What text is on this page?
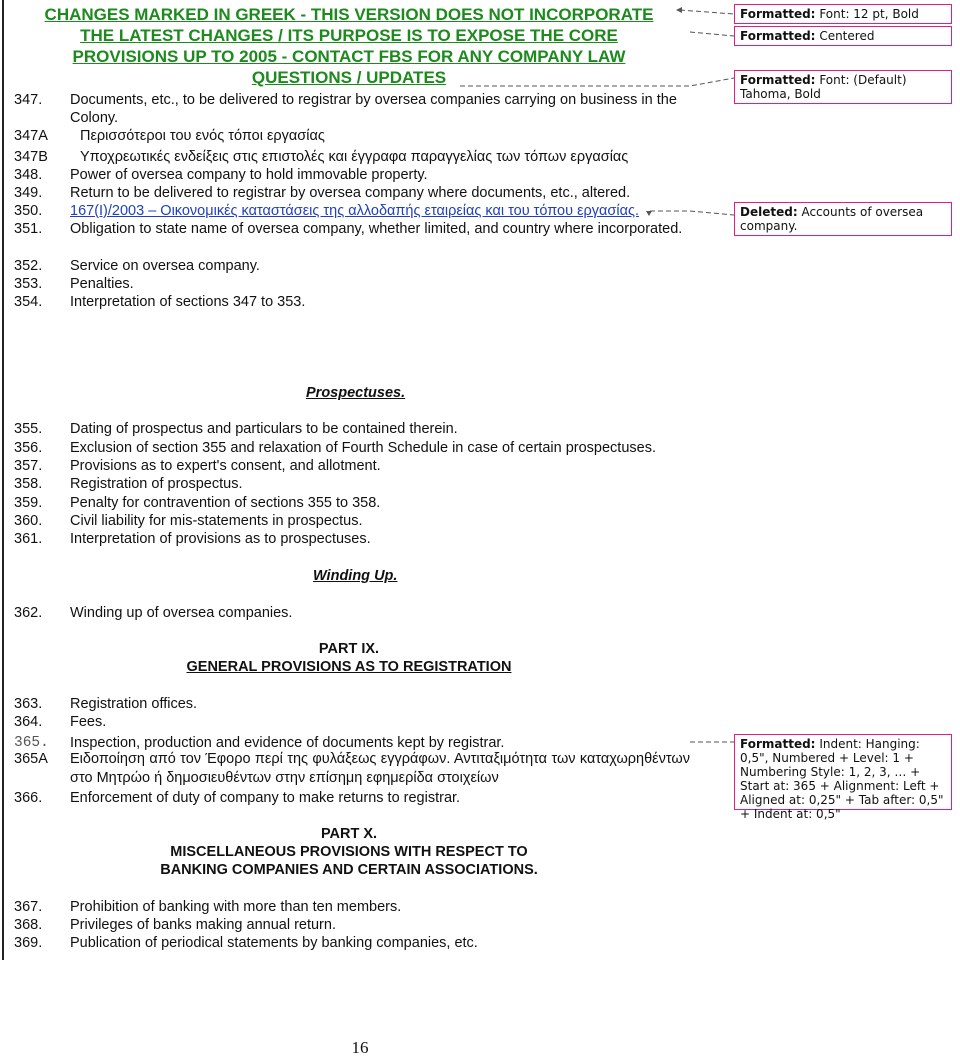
CHANGES MARKED IN GREEK - THIS VERSION DOES NOT INCORPORATE
THE LATEST CHANGES / ITS PURPOSE IS TO EXPOSE THE CORE
PROVISIONS UP TO 2005 - CONTACT FBS FOR ANY COMPANY LAW
QUESTIONS / UPDATES
347. Documents, etc., to be delivered to registrar by oversea companies carrying on business in the Colony.
347A Περισσότεροι του ενός τόποι εργασίας
347B Υποχρεωτικές ενδείξεις στις επιστολές και έγγραφα παραγγελίας των τόπων εργασίας
348. Power of oversea company to hold immovable property.
349. Return to be delivered to registrar by oversea company where documents, etc., altered.
350. 167(I)/2003 – Οικονομικές καταστάσεις της αλλοδαπής εταιρείας και του τόπου εργασίας.
351. Obligation to state name of oversea company, whether limited, and country where incorporated.
352. Service on oversea company.
353. Penalties.
354. Interpretation of sections 347 to 353.
Prospectuses.
355. Dating of prospectus and particulars to be contained therein.
356. Exclusion of section 355 and relaxation of Fourth Schedule in case of certain prospectuses.
357. Provisions as to expert's consent, and allotment.
358. Registration of prospectus.
359. Penalty for contravention of sections 355 to 358.
360. Civil liability for mis-statements in prospectus.
361. Interpretation of provisions as to prospectuses.
Winding Up.
362. Winding up of oversea companies.
PART IX.
GENERAL PROVISIONS AS TO REGISTRATION
363. Registration offices.
364. Fees.
365. Inspection, production and evidence of documents kept by registrar.
365A Ειδοποίηση από τον Έφορο περί της φυλάξεως εγγράφων. Αντιταξιμότητα των καταχωρηθέντων στο Μητρώο ή δημοσιευθέντων στην επίσημη εφημερίδα στοιχείων
366. Enforcement of duty of company to make returns to registrar.
PART X.
MISCELLANEOUS PROVISIONS WITH RESPECT TO
BANKING COMPANIES AND CERTAIN ASSOCIATIONS.
367. Prohibition of banking with more than ten members.
368. Privileges of banks making annual return.
369. Publication of periodical statements by banking companies, etc.
16
Formatted: Font: 12 pt, Bold
Formatted: Centered
Formatted: Font: (Default) Tahoma, Bold
Deleted: Accounts of oversea company.
Formatted: Indent: Hanging: 0,5", Numbered + Level: 1 + Numbering Style: 1, 2, 3, … + Start at: 365 + Alignment: Left + Aligned at: 0,25" + Tab after: 0,5" + Indent at: 0,5"
